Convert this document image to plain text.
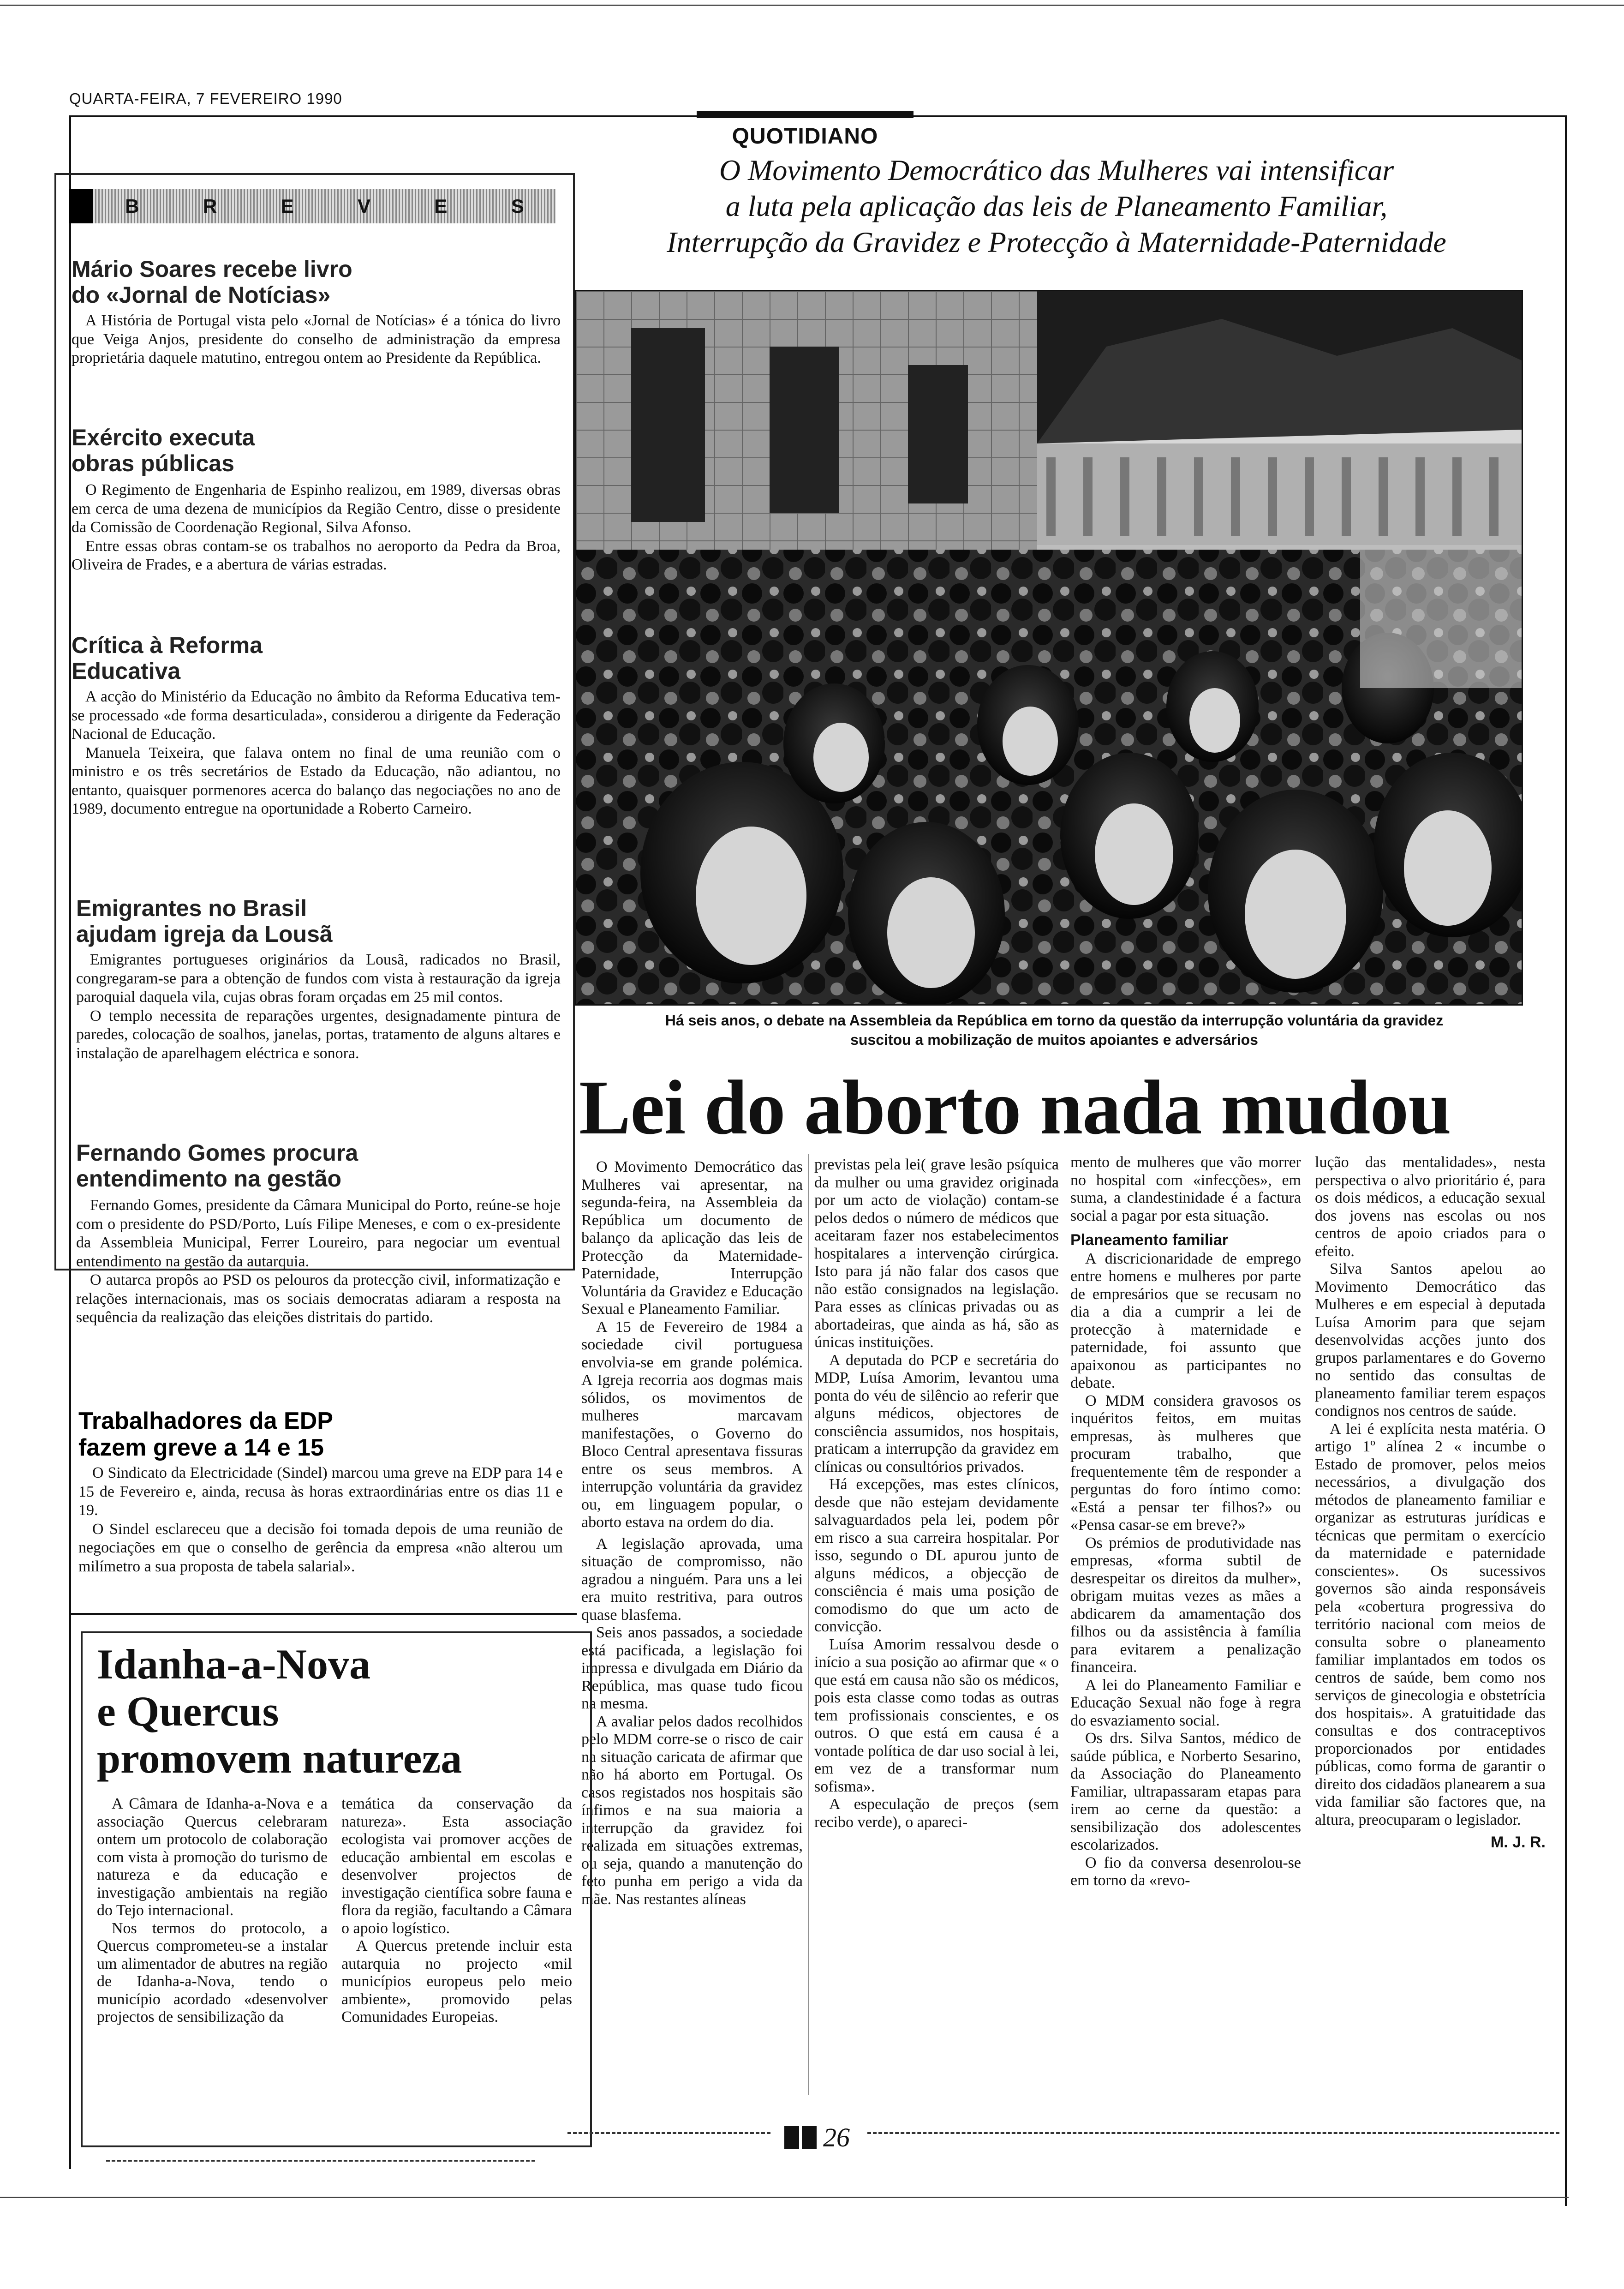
QUARTA-FEIRA, 7 FEVEREIRO 1990
QUOTIDIANO
O Movimento Democrático das Mulheres vai intensificar
a luta pela aplicação das leis de Planeamento Familiar,
Interrupção da Gravidez e Protecção à Maternidade-Paternidade
B	R	E	V	E	S
Mário Soares recebe livro
do «Jornal de Notícias»

A História de Portugal vista pelo «Jornal de Notícias» é a tónica do livro que Veiga Anjos, presidente do conselho de administração da empresa proprietária daquele matutino, entregou ontem ao Presidente da República.

Exército executa
obras públicas

O Regimento de Engenharia de Espinho realizou, em 1989, diversas obras em cerca de uma dezena de municípios da Região Centro, disse o presidente da Comissão de Coordenação Regional, Silva Afonso.

Entre essas obras contam-se os trabalhos no aeroporto da Pedra da Broa, Oliveira de Frades, e a abertura de várias estradas.

Crítica à Reforma
Educativa

A acção do Ministério da Educação no âmbito da Reforma Educativa tem-se processado «de forma desarticulada», considerou a dirigente da Federação Nacional de Educação.

Manuela Teixeira, que falava ontem no final de uma reunião com o ministro e os três secretários de Estado da Educação, não adiantou, no entanto, quaisquer pormenores acerca do balanço das negociações no ano de 1989, documento entregue na oportunidade a Roberto Carneiro.

Emigrantes no Brasil
ajudam igreja da Lousã

Emigrantes portugueses originários da Lousã, radicados no Brasil, congregaram-se para a obtenção de fundos com vista à restauração da igreja paroquial daquela vila, cujas obras foram orçadas em 25 mil contos.

O templo necessita de reparações urgentes, designadamente pintura de paredes, colocação de soalhos, janelas, portas, tratamento de alguns altares e instalação de aparelhagem eléctrica e sonora.

Fernando Gomes procura
entendimento na gestão

Fernando Gomes, presidente da Câmara Municipal do Porto, reúne-se hoje com o presidente do PSD/Porto, Luís Filipe Meneses, e com o ex-presidente da Assembleia Municipal, Ferrer Loureiro, para negociar um eventual entendimento na gestão da autarquia.

O autarca propôs ao PSD os pelouros da protecção civil, informatização e relações internacionais, mas os sociais democratas adiaram a resposta na sequência da realização das eleições distritais do partido.

Trabalhadores da EDP
fazem greve a 14 e 15

O Sindicato da Electricidade (Sindel) marcou uma greve na EDP para 14 e 15 de Fevereiro e, ainda, recusa às horas extraordinárias entre os dias 11 e 19.

O Sindel esclareceu que a decisão foi tomada depois de uma reunião de negociações em que o conselho de gerência da empresa «não alterou um milímetro a sua proposta de tabela salarial».

Há seis anos, o debate na Assembleia da República em torno da questão da interrupção voluntária da gravidez
suscitou a mobilização de muitos apoiantes e adversários
Lei do aborto nada mudou

O Movimento Democrático das Mulheres vai apresentar, na segunda-feira, na Assembleia da República um documento de balanço da aplicação das leis de Protecção da Maternidade-Paternidade, Interrupção Voluntária da Gravidez e Educação Sexual e Planeamento Familiar.

A 15 de Fevereiro de 1984 a sociedade civil portuguesa envolvia-se em grande polémica. A Igreja recorria aos dogmas mais sólidos, os movimentos de mulheres marcavam manifestações, o Governo do Bloco Central apresentava fissuras entre os seus membros. A interrupção voluntária da gravidez ou, em linguagem popular, o aborto estava na ordem do dia.

A legislação aprovada, uma situação de compromisso, não agradou a ninguém. Para uns a lei era muito restritiva, para outros quase blasfema.

Seis anos passados, a sociedade está pacificada, a legislação foi impressa e divulgada em Diário da República, mas quase tudo ficou na mesma.

A avaliar pelos dados recolhidos pelo MDM corre-se o risco de cair na situação caricata de afirmar que não há aborto em Portugal. Os casos registados nos hospitais são ínfimos e na sua maioria a interrupção da gravidez foi realizada em situações extremas, ou seja, quando a manutenção do feto punha em perigo a vida da mãe. Nas restantes alíneas

previstas pela lei( grave lesão psíquica da mulher ou uma gravidez originada por um acto de violação) contam-se pelos dedos o número de médicos que aceitaram fazer nos estabelecimentos hospitalares a intervenção cirúrgica. Isto para já não falar dos casos que não estão consignados na legislação. Para esses as clínicas privadas ou as abortadeiras, que ainda as há, são as únicas instituições.

A deputada do PCP e secretária do MDP, Luísa Amorim, levantou uma ponta do véu de silêncio ao referir que alguns médicos, objectores de consciência assumidos, nos hospitais, praticam a interrupção da gravidez em clínicas ou consultórios privados.

Há excepções, mas estes clínicos, desde que não estejam devidamente salvaguardados pela lei, podem pôr em risco a sua carreira hospitalar. Por isso, segundo o DL apurou junto de alguns médicos, a objecção de consciência é mais uma posição de comodismo do que um acto de convicção.

Luísa Amorim ressalvou desde o início a sua posição ao afirmar que « o que está em causa não são os médicos, pois esta classe como todas as outras tem profissionais conscientes, e os outros. O que está em causa é a vontade política de dar uso social à lei, em vez de a transformar num sofisma».

A especulação de preços (sem recibo verde), o apareci-

mento de mulheres que vão morrer no hospital com «infecções», em suma, a clandestinidade é a factura social a pagar por esta situação.

Planeamento familiar

A discricionaridade de emprego entre homens e mulheres por parte de empresários que se recusam no dia a dia a cumprir a lei de protecção à maternidade e paternidade, foi assunto que apaixonou as participantes no debate.

O MDM considera gravosos os inquéritos feitos, em muitas empresas, às mulheres que procuram trabalho, que frequentemente têm de responder a perguntas do foro íntimo como: «Está a pensar ter filhos?» ou «Pensa casar-se em breve?»

Os prémios de produtividade nas empresas, «forma subtil de desrespeitar os direitos da mulher», obrigam muitas vezes as mães a abdicarem da amamentação dos filhos ou da assistência à família para evitarem a penalização financeira.

A lei do Planeamento Familiar e Educação Sexual não foge à regra do esvaziamento social.

Os drs. Silva Santos, médico de saúde pública, e Norberto Sesarino, da Associação do Planeamento Familiar, ultrapassaram etapas para irem ao cerne da questão: a sensibilização dos adolescentes escolarizados.

O fio da conversa desenrolou-se em torno da «revo-

lução das mentalidades», nesta perspectiva o alvo prioritário é, para os dois médicos, a educação sexual dos jovens nas escolas ou nos centros de apoio criados para o efeito.

Silva Santos apelou ao Movimento Democrático das Mulheres e em especial à deputada Luísa Amorim para que sejam desenvolvidas acções junto dos grupos parlamentares e do Governo no sentido das consultas de planeamento familiar terem espaços condignos nos centros de saúde.

A lei é explícita nesta matéria. O artigo 1º alínea 2 « incumbe o Estado de promover, pelos meios necessários, a divulgação dos métodos de planeamento familiar e organizar as estruturas jurídicas e técnicas que permitam o exercício da maternidade e paternidade conscientes». Os sucessivos governos são ainda responsáveis pela «cobertura progressiva do território nacional com meios de consulta sobre o planeamento familiar implantados em todos os centros de saúde, bem como nos serviços de ginecologia e obstetrícia dos hospitais». A gratuitidade das consultas e dos contraceptivos proporcionados por entidades públicas, como forma de garantir o direito dos cidadãos planearem a sua vida familiar são factores que, na altura, preocuparam o legislador.

M. J. R.

Idanha-a-Nova
e Quercus
promovem natureza

A Câmara de Idanha-a-Nova e a associação Quercus celebraram ontem um protocolo de colaboração com vista à promoção do turismo de natureza e da educação e investigação ambientais na região do Tejo internacional.

Nos termos do protocolo, a Quercus comprometeu-se a instalar um alimentador de abutres na região de Idanha-a-Nova, tendo o município acordado «desenvolver projectos de sensibilização da

temática da conservação da natureza». Esta associação ecologista vai promover acções de educação ambiental em escolas e desenvolver projectos de investigação científica sobre fauna e flora da região, facultando a Câmara o apoio logístico.

A Quercus pretende incluir esta autarquia no projecto «mil municípios europeus pelo meio ambiente», promovido pelas Comunidades Europeias.

26
